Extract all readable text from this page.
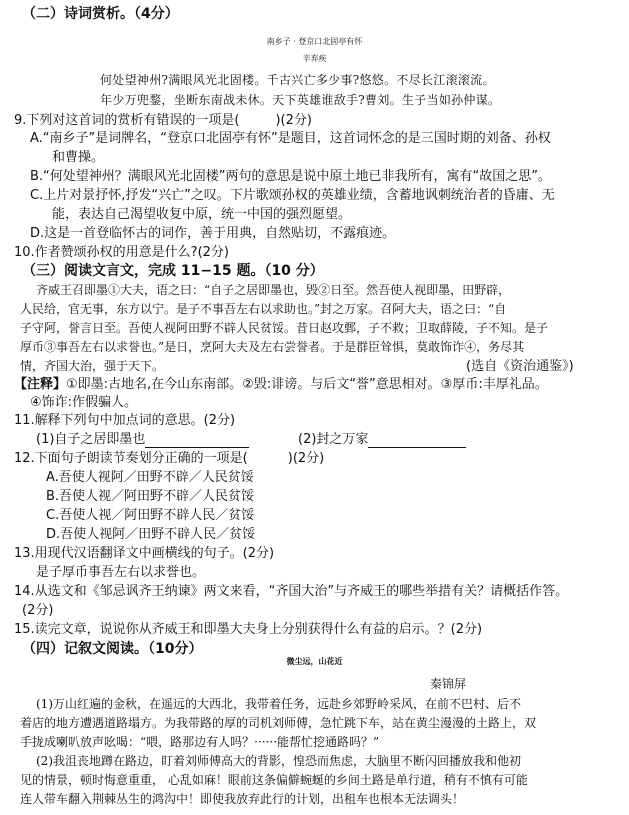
（二）诗词赏析。（4分）
南乡子 · 登京口北固亭有怀
辛弃疾
何处望神州?满眼风光北固楼。千古兴亡多少事?悠悠。不尽长江滚滚流。
年少万兜鍪，坐断东南战未休。天下英雄谁敌手?曹刘。生子当如孙仲谋。
9.下列对这首词的赏析有错误的一项是(	)(2分)
A.“南乡子”是词牌名，“登京口北固亭有怀”是题目，这首词怀念的是三国时期的刘备、孙权
和曹操。
B.“何处望神州？满眼风光北固楼”两句的意思是说中原土地已非我所有，寓有“故国之思”。
C.上片对景抒怀,抒发“兴亡”之叹。下片歌颂孙权的英雄业绩，含蓄地讽刺统治者的昏庸、无
能，表达自己渴望收复中原，统一中国的强烈愿望。
D.这是一首登临怀古的词作，善于用典，自然贴切，不露痕迹。
10.作者赞颂孙权的用意是什么?(2分)
（三）阅读文言文，完成 11−15 题。（10 分）
齐威王召即墨①大夫，语之曰：“自子之居即墨也，毁②日至。然吾使人视即墨，田野辟，
人民给，官无事，东方以宁。是子不事吾左右以求助也。”封之万家。召阿大夫，语之曰：“自
子守阿，誉言日至。吾使人视阿田野不辟人民贫馁。昔日赵攻鄄，子不救；卫取薛陵，子不知。是子
厚币③事吾左右以求誉也。”是日，烹阿大夫及左右尝誉者。于是群臣耸惧，莫敢饰诈④，务尽其
情，齐国大治，强于天下。	(选自《资治通鉴》)
【注释】①即墨:古地名,在今山东南部。②毁:诽谤。与后文“誉”意思相对。③厚币:丰厚礼品。
④饰诈:作假骗人。
11.解释下列句中加点词的意思。(2分)
(1)自子之居即墨也	(2)封之万家
12.下面句子朗读节奏划分正确的一项是(	)(2分)
A.吾使人视阿／田野不辟／人民贫馁
B.吾使人视／阿田野不辟／人民贫馁
C.吾使人视／阿田野不辟人民／贫馁
D.吾使人视阿／田野不辟人民／贫馁
13.用现代汉语翻译文中画横线的句子。(2分)
是子厚币事吾左右以求誉也。
14.从选文和《邹忌讽齐王纳谏》两文来看，“齐国大治”与齐威王的哪些举措有关？请概括作答。
(2分)
15.读完文章，说说你从齐威王和即墨大夫身上分别获得什么有益的启示。？(2分)
（四）记叙文阅读。（10分）
微尘远，山花近
秦锦屏
(1)万山红遍的金秋，在遥远的大西北，我带着任务，远赴乡郊野岭采风，在前不巴村、后不
着店的地方遭遇道路塌方。为我带路的厚的司机刘师傅，急忙跳下车，站在黄尘漫漫的土路上，双
手拢成喇叭放声吆喝：“喂，路那边有人吗？······能帮忙挖通路吗？”
(2)我沮丧地蹲在路边，盯着刘师傅高大的背影，惶恐而焦虑，大脑里不断闪回播放我和他初
见的情景，顿时悔意重重， 心乱如麻！眼前这条偏僻蜿蜒的乡间土路是单行道，稍有不慎有可能
连人带车翻入荆棘丛生的鸿沟中！即使我放弃此行的计划，出租车也根本无法调头！
